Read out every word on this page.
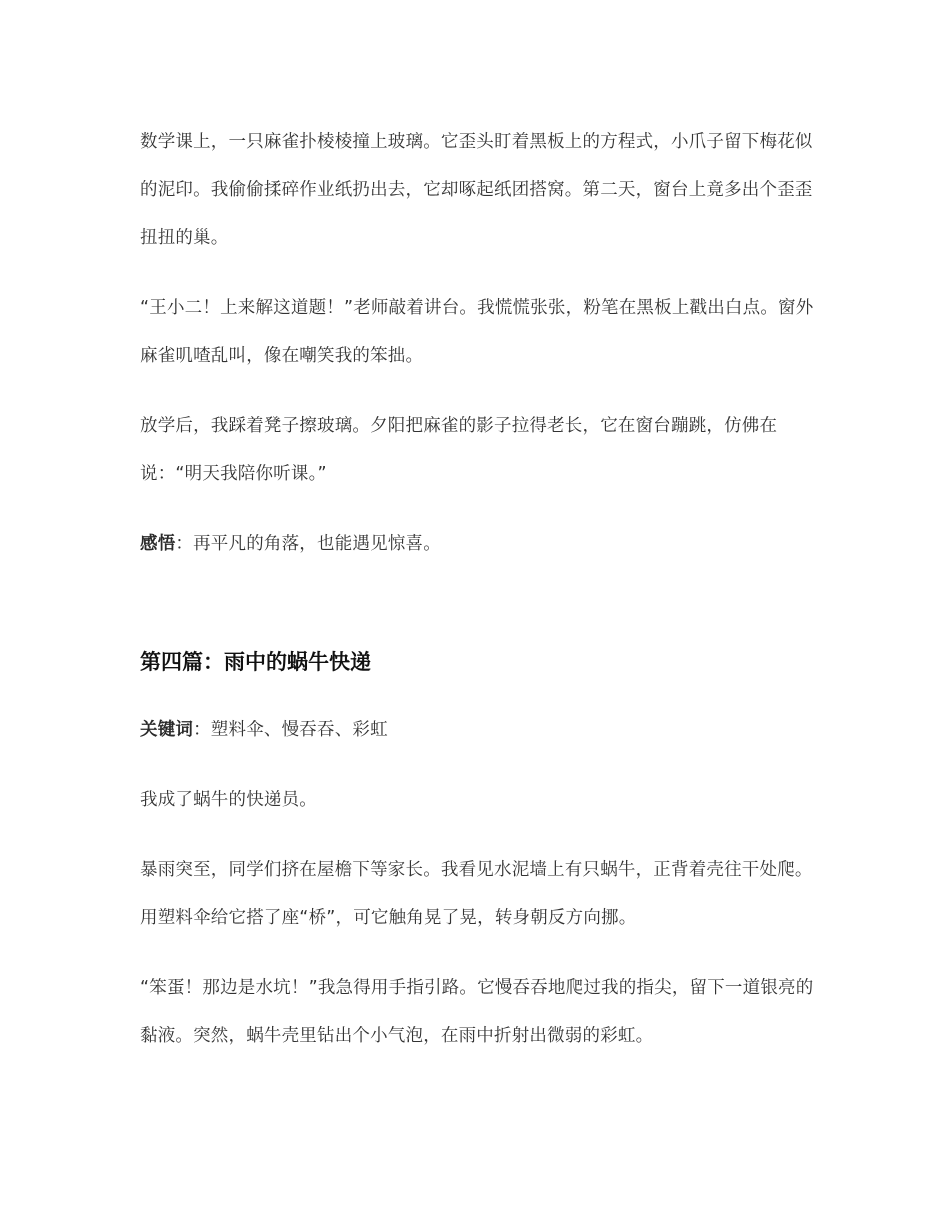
数学课上，一只麻雀扑棱棱撞上玻璃。它歪头盯着黑板上的方程式，小爪子留下梅花似的泥印。我偷偷揉碎作业纸扔出去，它却啄起纸团搭窝。第二天，窗台上竟多出个歪歪扭扭的巢。

“王小二！上来解这道题！”老师敲着讲台。我慌慌张张，粉笔在黑板上戳出白点。窗外麻雀叽喳乱叫，像在嘲笑我的笨拙。

放学后，我踩着凳子擦玻璃。夕阳把麻雀的影子拉得老长，它在窗台蹦跳，仿佛在说：“明天我陪你听课。”

感悟：再平凡的角落，也能遇见惊喜。

第四篇：雨中的蜗牛快递

关键词：塑料伞、慢吞吞、彩虹

我成了蜗牛的快递员。

暴雨突至，同学们挤在屋檐下等家长。我看见水泥墙上有只蜗牛，正背着壳往干处爬。用塑料伞给它搭了座“桥”，可它触角晃了晃，转身朝反方向挪。

“笨蛋！那边是水坑！”我急得用手指引路。它慢吞吞地爬过我的指尖，留下一道银亮的黏液。突然，蜗牛壳里钻出个小气泡，在雨中折射出微弱的彩虹。
